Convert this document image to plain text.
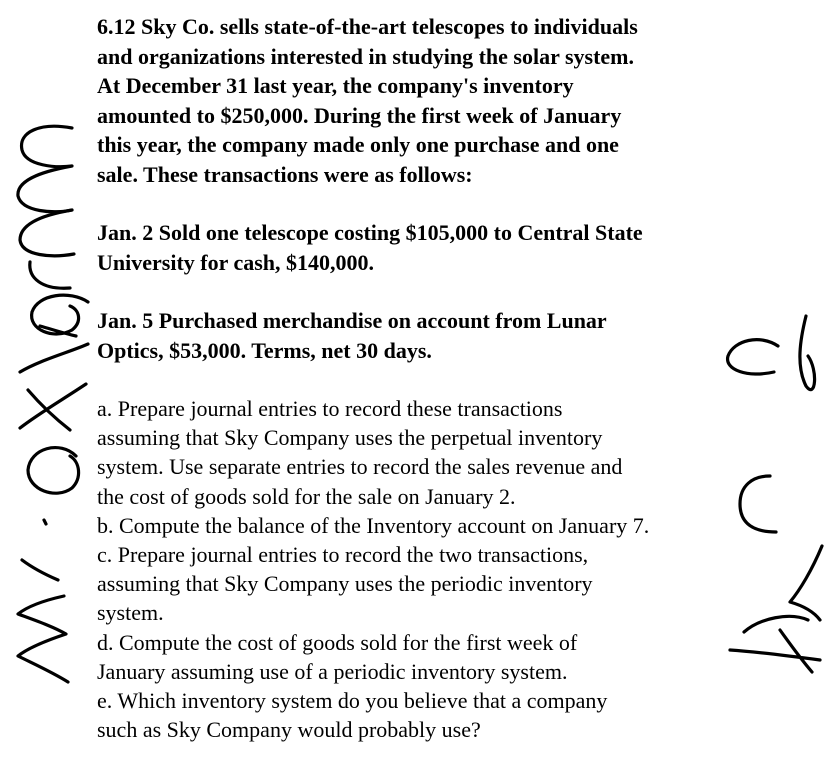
6.12 Sky Co. sells state-of-the-art telescopes to individuals
and organizations interested in studying the solar system.
At December 31 last year, the company's inventory
amounted to $250,000. During the first week of January
this year, the company made only one purchase and one
sale. These transactions were as follows:

Jan. 2 Sold one telescope costing $105,000 to Central State
University for cash, $140,000.

Jan. 5 Purchased merchandise on account from Lunar
Optics, $53,000. Terms, net 30 days.

a. Prepare journal entries to record these transactions
assuming that Sky Company uses the perpetual inventory
system. Use separate entries to record the sales revenue and
the cost of goods sold for the sale on January 2.
b. Compute the balance of the Inventory account on January 7.
c. Prepare journal entries to record the two transactions,
assuming that Sky Company uses the periodic inventory
system.
d. Compute the cost of goods sold for the first week of
January assuming use of a periodic inventory system.
e. Which inventory system do you believe that a company
such as Sky Company would probably use?
